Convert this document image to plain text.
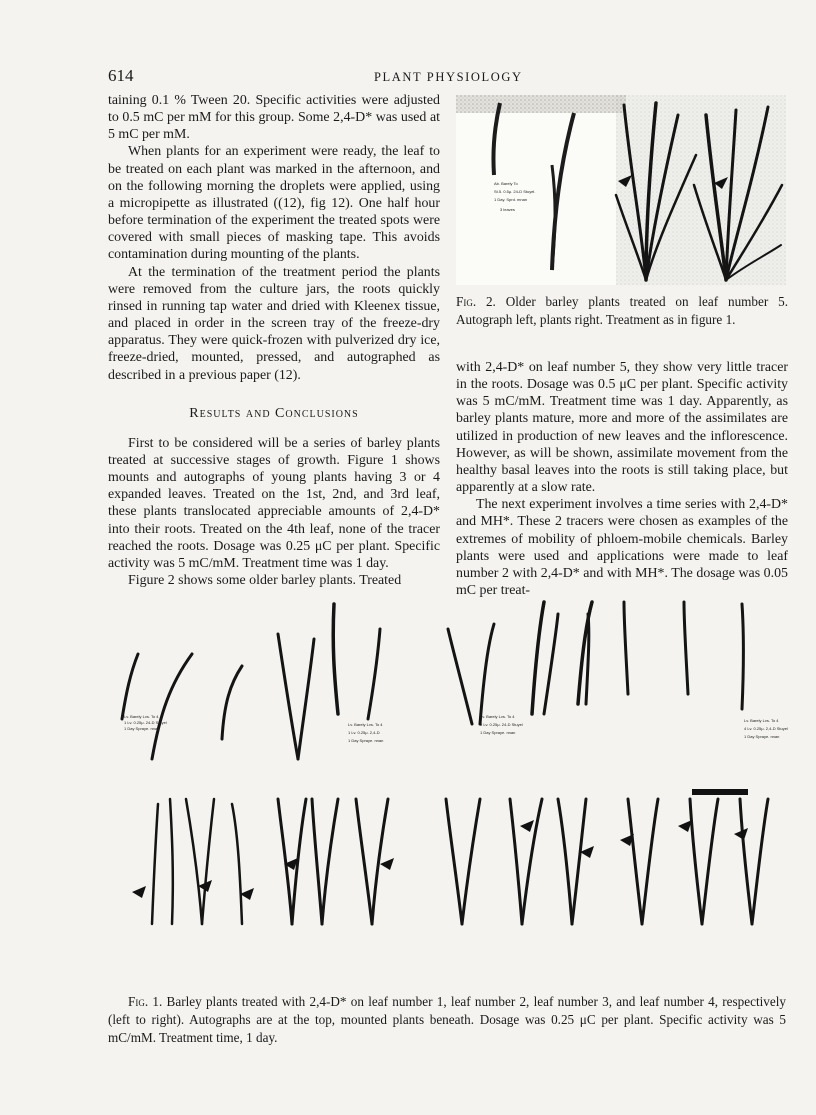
614	PLANT PHYSIOLOGY

taining 0.1 % Tween 20. Specific activities were adjusted to 0.5 mC per mM for this group. Some 2,4-D* was used at 5 mC per mM.

When plants for an experiment were ready, the leaf to be treated on each plant was marked in the afternoon, and on the following morning the droplets were applied, using a micropipette as illustrated ((12), fig 12). One half hour before termination of the experiment the treated spots were covered with small pieces of masking tape. This avoids contamination during mounting of the plants.

At the termination of the treatment period the plants were removed from the culture jars, the roots quickly rinsed in running tap water and dried with Kleenex tissue, and placed in order in the screen tray of the freeze-dry apparatus. They were quick-frozen with pulverized dry ice, freeze-dried, mounted, pressed, and autographed as described in a previous paper (12).

Results and Conclusions

First to be considered will be a series of barley plants treated at successive stages of growth. Figure 1 shows mounts and autographs of young plants having 3 or 4 expanded leaves. Treated on the 1st, 2nd, and 3rd leaf, these plants translocated appreciable amounts of 2,4-D* into their roots. Treated on the 4th leaf, none of the tracer reached the roots. Dosage was 0.25 μC per plant. Specific activity was 5 mC/mM. Treatment time was 1 day.

Figure 2 shows some older barley plants. Treated

Ab. Barely To
St.5. 0.5μ. 24-D Stuyel.
1 Day. Sprd. mnan
3 leaves
Fig. 2. Older barley plants treated on leaf number 5. Autograph left, plants right. Treatment as in figure 1.

with 2,4-D* on leaf number 5, they show very little tracer in the roots. Dosage was 0.5 μC per plant. Specific activity was 5 mC/mM. Treatment time was 1 day. Apparently, as barley plants mature, more and more of the assimilates are utilized in production of new leaves and the inflorescence. However, as will be shown, assimilate movement from the healthy basal leaves into the roots is still taking place, but apparently at a slow rate.

The next experiment involves a time series with 2,4-D* and MH*. These 2 tracers were chosen as examples of the extremes of mobility of phloem-mobile chemicals. Barley plants were used and applications were made to leaf number 2 with 2,4-D* and with MH*. The dosage was 0.05 mC per treat-

Lv. Barely Lvs. To 4
1 Lv. 0.25μ. 24-D Stuyel
1 Day Spraye. nnan
Lv. Barely Lvs. To 4
1 Lv. 0.25μ. 2,4-D
1 Day Spraye. nnan
Lv. Barely Lvs. To 4
3 Lv. 0.25μ. 24-D Stuyel
1 Day Spraye. nnan
Lv. Barely Lvs. To 4
4 Lv. 0.25μ. 2,4-D Stuyel
1 Day Spraye. nnan
Fig. 1. Barley plants treated with 2,4-D* on leaf number 1, leaf number 2, leaf number 3, and leaf number 4, respectively (left to right). Autographs are at the top, mounted plants beneath. Dosage was 0.25 μC per plant. Specific activity was 5 mC/mM. Treatment time, 1 day.
